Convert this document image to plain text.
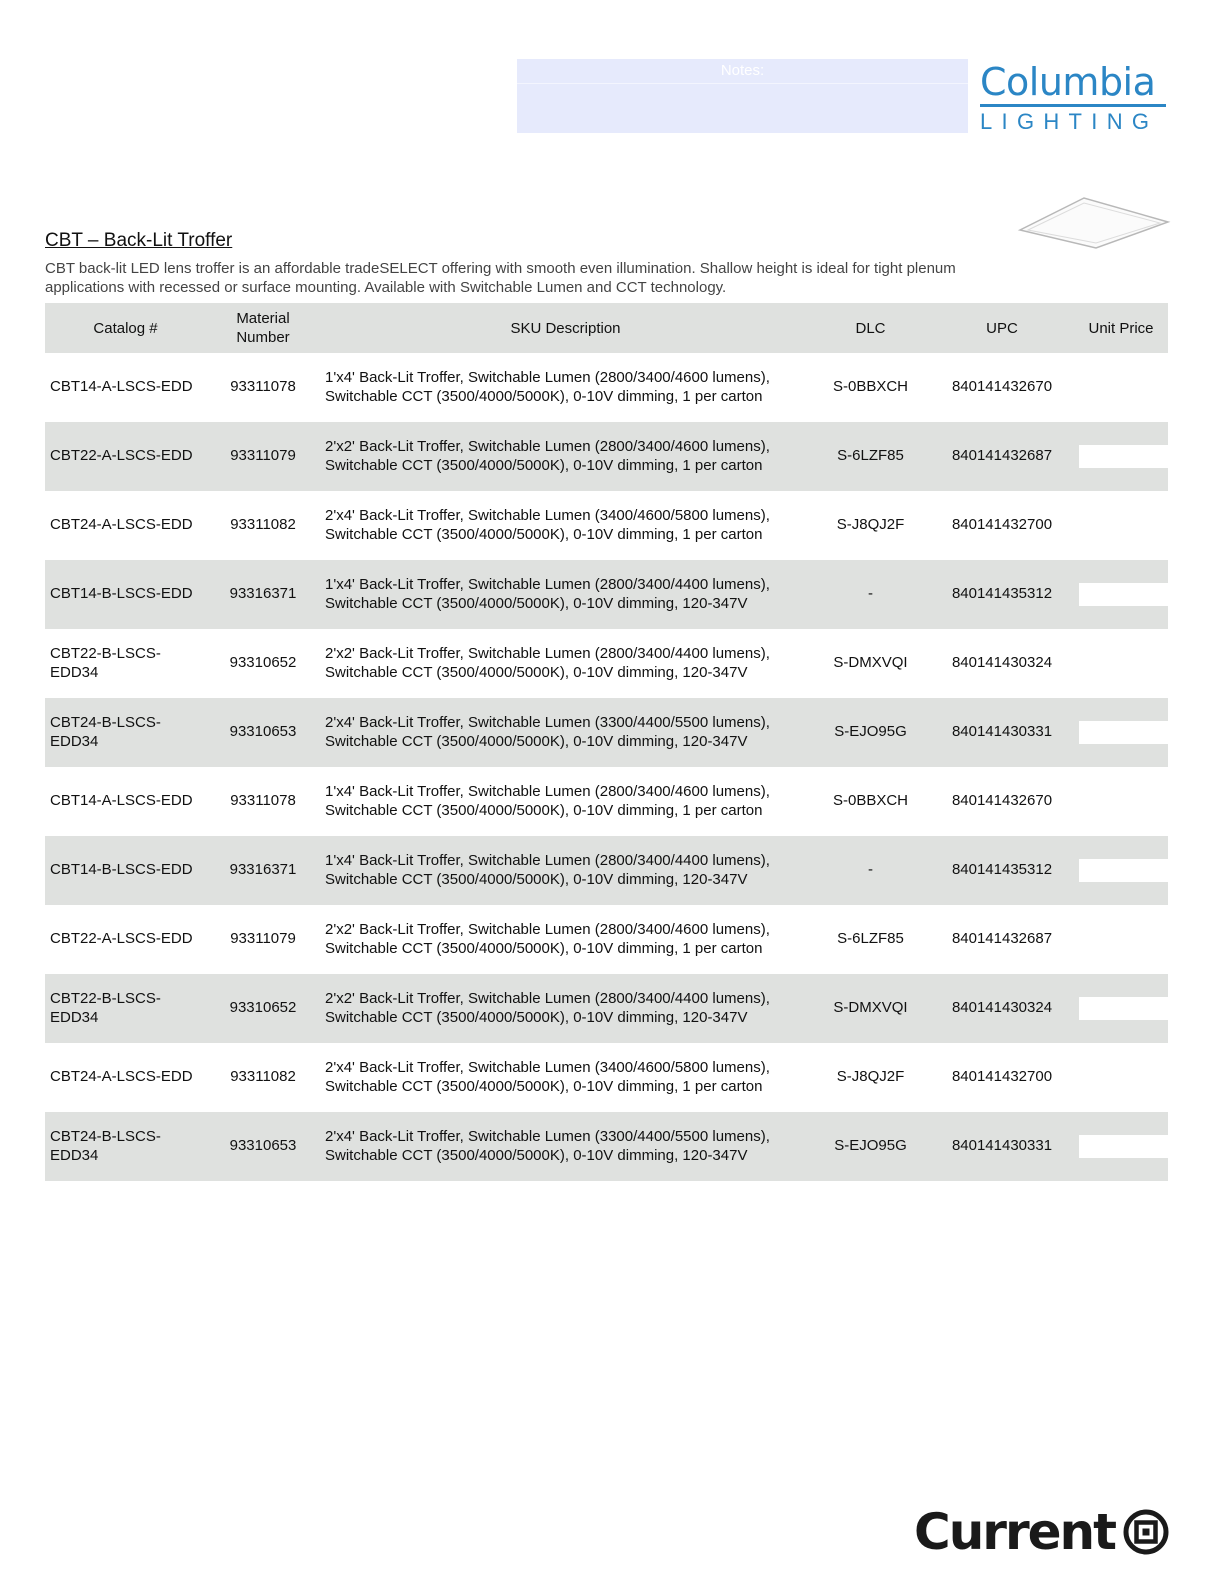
Notes:	Columbia
LIGHTING
CBT – Back-Lit Troffer

CBT back-lit LED lens troffer is an affordable tradeSELECT offering with smooth even illumination. Shallow height is ideal for tight plenum applications with recessed or surface mounting. Available with Switchable Lumen and CCT technology.

Catalog #	Material Number	SKU Description	DLC	UPC	Unit Price
CBT14-A-LSCS-EDD	93311078	1'x4' Back-Lit Troffer, Switchable Lumen (2800/3400/4600 lumens), Switchable CCT (3500/4000/5000K), 0-10V dimming, 1 per carton	S-0BBXCH	840141432670	

CBT22-A-LSCS-EDD	93311079	2'x2' Back-Lit Troffer, Switchable Lumen (2800/3400/4600 lumens), Switchable CCT (3500/4000/5000K), 0-10V dimming, 1 per carton	S-6LZF85	840141432687	

CBT24-A-LSCS-EDD	93311082	2'x4' Back-Lit Troffer, Switchable Lumen (3400/4600/5800 lumens), Switchable CCT (3500/4000/5000K), 0-10V dimming, 1 per carton	S-J8QJ2F	840141432700	

CBT14-B-LSCS-EDD	93316371	1'x4' Back-Lit Troffer, Switchable Lumen (2800/3400/4400 lumens), Switchable CCT (3500/4000/5000K), 0-10V dimming, 120-347V	-	840141435312	

CBT22-B-LSCS-EDD34	93310652	2'x2' Back-Lit Troffer, Switchable Lumen (2800/3400/4400 lumens), Switchable CCT (3500/4000/5000K), 0-10V dimming, 120-347V	S-DMXVQI	840141430324	

CBT24-B-LSCS-EDD34	93310653	2'x4' Back-Lit Troffer, Switchable Lumen (3300/4400/5500 lumens), Switchable CCT (3500/4000/5000K), 0-10V dimming, 120-347V	S-EJO95G	840141430331	

CBT14-A-LSCS-EDD	93311078	1'x4' Back-Lit Troffer, Switchable Lumen (2800/3400/4600 lumens), Switchable CCT (3500/4000/5000K), 0-10V dimming, 1 per carton	S-0BBXCH	840141432670	

CBT14-B-LSCS-EDD	93316371	1'x4' Back-Lit Troffer, Switchable Lumen (2800/3400/4400 lumens), Switchable CCT (3500/4000/5000K), 0-10V dimming, 120-347V	-	840141435312	

CBT22-A-LSCS-EDD	93311079	2'x2' Back-Lit Troffer, Switchable Lumen (2800/3400/4600 lumens), Switchable CCT (3500/4000/5000K), 0-10V dimming, 1 per carton	S-6LZF85	840141432687	

CBT22-B-LSCS-EDD34	93310652	2'x2' Back-Lit Troffer, Switchable Lumen (2800/3400/4400 lumens), Switchable CCT (3500/4000/5000K), 0-10V dimming, 120-347V	S-DMXVQI	840141430324	

CBT24-A-LSCS-EDD	93311082	2'x4' Back-Lit Troffer, Switchable Lumen (3400/4600/5800 lumens), Switchable CCT (3500/4000/5000K), 0-10V dimming, 1 per carton	S-J8QJ2F	840141432700	

CBT24-B-LSCS-EDD34	93310653	2'x4' Back-Lit Troffer, Switchable Lumen (3300/4400/5500 lumens), Switchable CCT (3500/4000/5000K), 0-10V dimming, 120-347V	S-EJO95G	840141430331	
Current
